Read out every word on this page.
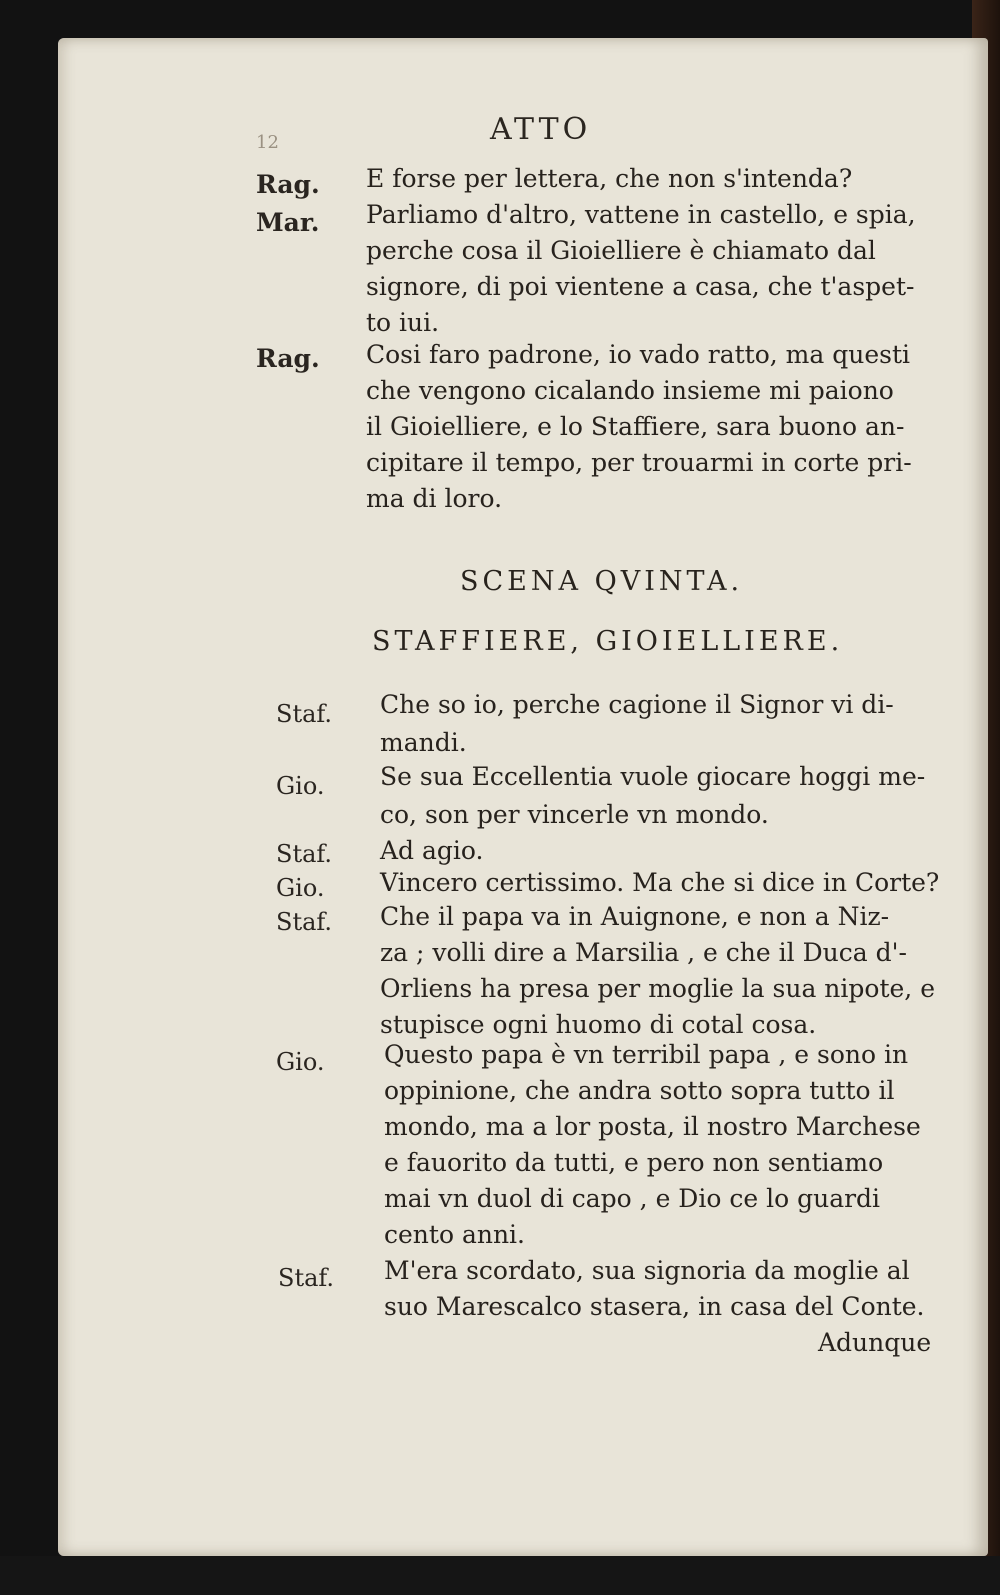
12	ATTO
Rag. E forse per lettera, che non s'intenda?
Mar. Parliamo d'altro, vattene in castello, e spia,
perche cosa il Gioielliere è chiamato dal
signore, di poi vientene a casa, che t'aspet-
to iui.
Rag. Cosi faro padrone, io vado ratto, ma questi
che vengono cicalando insieme mi paiono
il Gioielliere, e lo Staffiere, sara buono an-
cipitare il tempo, per trouarmi in corte pri-
ma di loro.
SCENA QVINTA.
STAFFIERE, GIOIELLIERE.
Staf. Che so io, perche cagione il Signor vi di-
mandi.
Gio. Se sua Eccellentia vuole giocare hoggi me-
co, son per vincerle vn mondo.
Staf. Ad agio.
Gio. Vincero certissimo. Ma che si dice in Corte?
Staf. Che il papa va in Auignone, e non a Niz-
za ; volli dire a Marsilia , e che il Duca d'-
Orliens ha presa per moglie la sua nipote, e
stupisce ogni huomo di cotal cosa.
Gio. Questo papa è vn terribil papa , e sono in
oppinione, che andra sotto sopra tutto il
mondo, ma a lor posta, il nostro Marchese
e fauorito da tutti, e pero non sentiamo
mai vn duol di capo , e Dio ce lo guardi
cento anni.
Staf. M'era scordato, sua signoria da moglie al
suo Marescalco stasera, in casa del Conte.
Adunque
